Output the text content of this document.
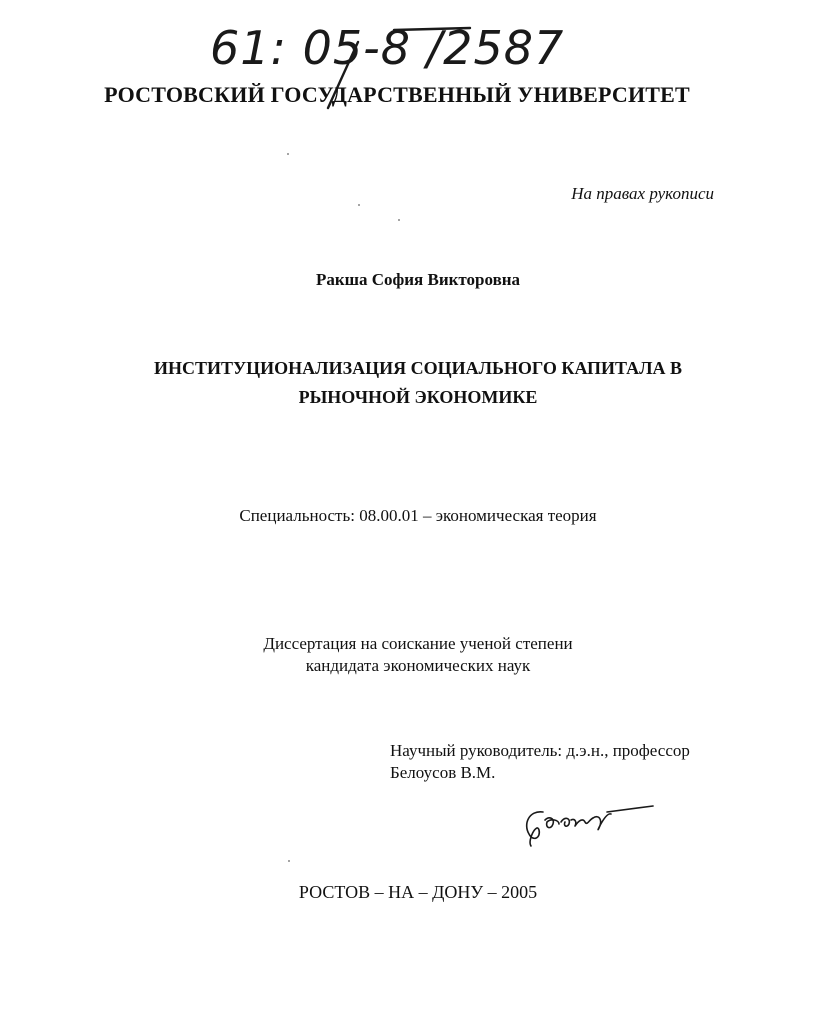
61: 05-8 /2587
РОСТОВСКИЙ ГОСУДАРСТВЕННЫЙ УНИВЕРСИТЕТ
На правах рукописи
Ракша София Викторовна
ИНСТИТУЦИОНАЛИЗАЦИЯ СОЦИАЛЬНОГО КАПИТАЛА В
РЫНОЧНОЙ ЭКОНОМИКЕ
Специальность: 08.00.01 – экономическая теория
Диссертация на соискание ученой степени
кандидата экономических наук
Научный руководитель: д.э.н., профессор
Белоусов В.М.
РОСТОВ – НА – ДОНУ – 2005
